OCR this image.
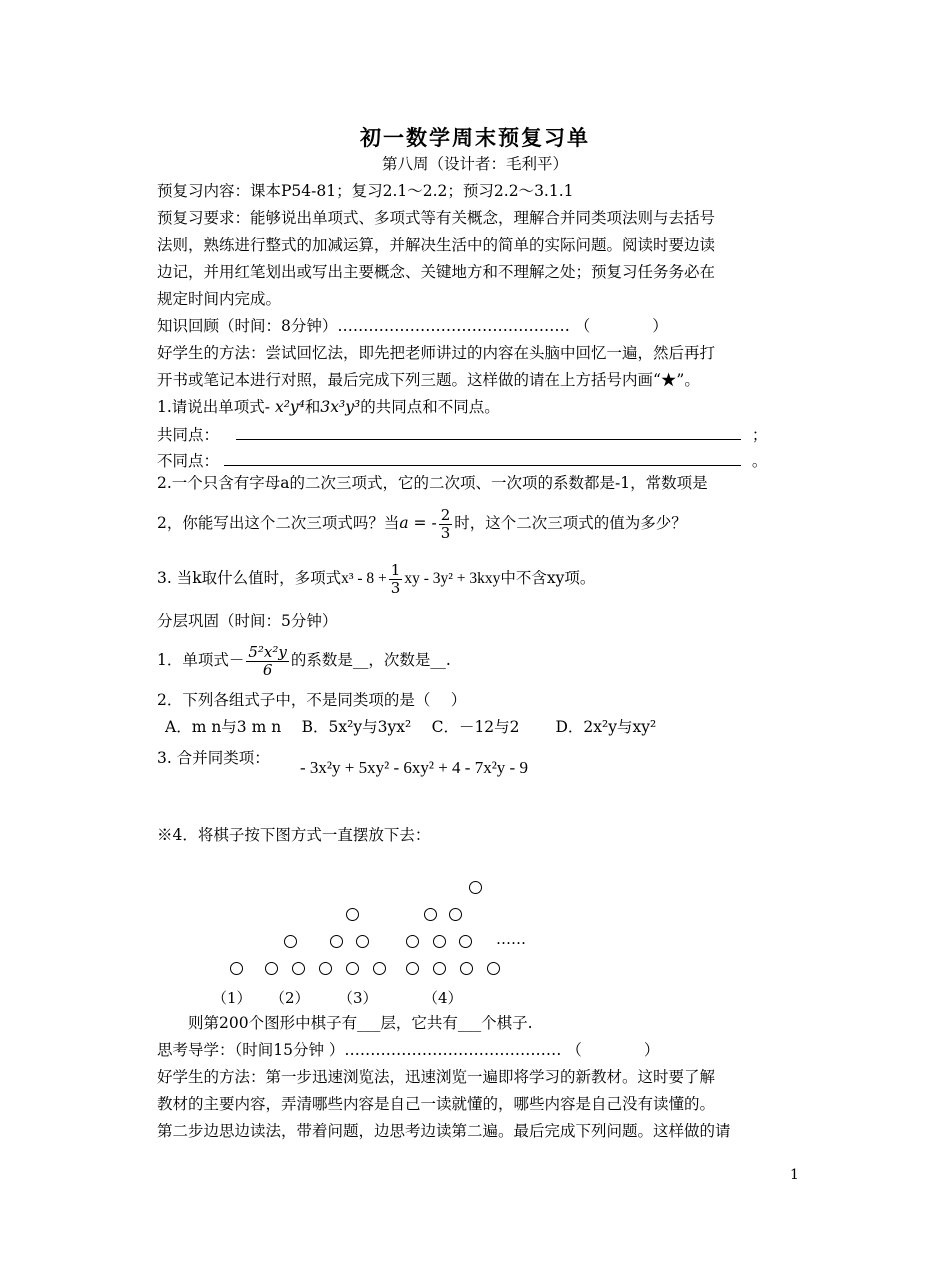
初一数学周末预复习单
第八周（设计者：毛利平）
预复习内容：课本P54-81；复习2.1～2.2；预习2.2～3.1.1
预复习要求：能够说出单项式、多项式等有关概念，理解合并同类项法则与去括号
法则，熟练进行整式的加减运算，并解决生活中的简单的实际问题。阅读时要边读
边记，并用红笔划出或写出主要概念、关键地方和不理解之处；预复习任务务必在
规定时间内完成。
知识回顾（时间：8分钟）……………………………………… （　　　　）
好学生的方法：尝试回忆法，即先把老师讲过的内容在头脑中回忆一遍，然后再打
开书或笔记本进行对照，最后完成下列三题。这样做的请在上方括号内画“★”。
1.请说出单项式- x²y⁴和3x³y³的共同点和不同点。
共同点：	；
不同点：	。
2.一个只含有字母a的二次三项式，它的二次项、一次项的系数都是-1，常数项是
2，你能写出这个二次三项式吗？当a = - $\frac{2}{3}$ 时，这个二次三项式的值为多少？
3. 当k取什么值时，多项式$x^3 - 8 + \frac{1}{3}$ xy - 3y² + 3kxy中不含xy项。
分层巩固（时间：5分钟）
1．单项式－ $\frac{\text{5²x²y}}{6}$ 的系数是__，次数是__.
2．下列各组式子中，不是同类项的是（　 ）
A．m n与3 m n　 B．5x²y与3yx²　 C．－12与2　　 D．2x²y与xy²
3. 合并同类项： - 3x²y + 5xy² - 6xy² + 4 - 7x²y - 9
※4．将棋子按下图方式一直摆放下去：
……
（1） （2） （3）	（4）
则第200个图形中棋子有___层，它共有___个棋子.
思考导学：（时间15分钟 ）…………………………………… （　　　　）
好学生的方法：第一步迅速浏览法，迅速浏览一遍即将学习的新教材。这时要了解
教材的主要内容，弄清哪些内容是自己一读就懂的，哪些内容是自己没有读懂的。
第二步边思边读法，带着问题，边思考边读第二遍。最后完成下列问题。这样做的请
1
